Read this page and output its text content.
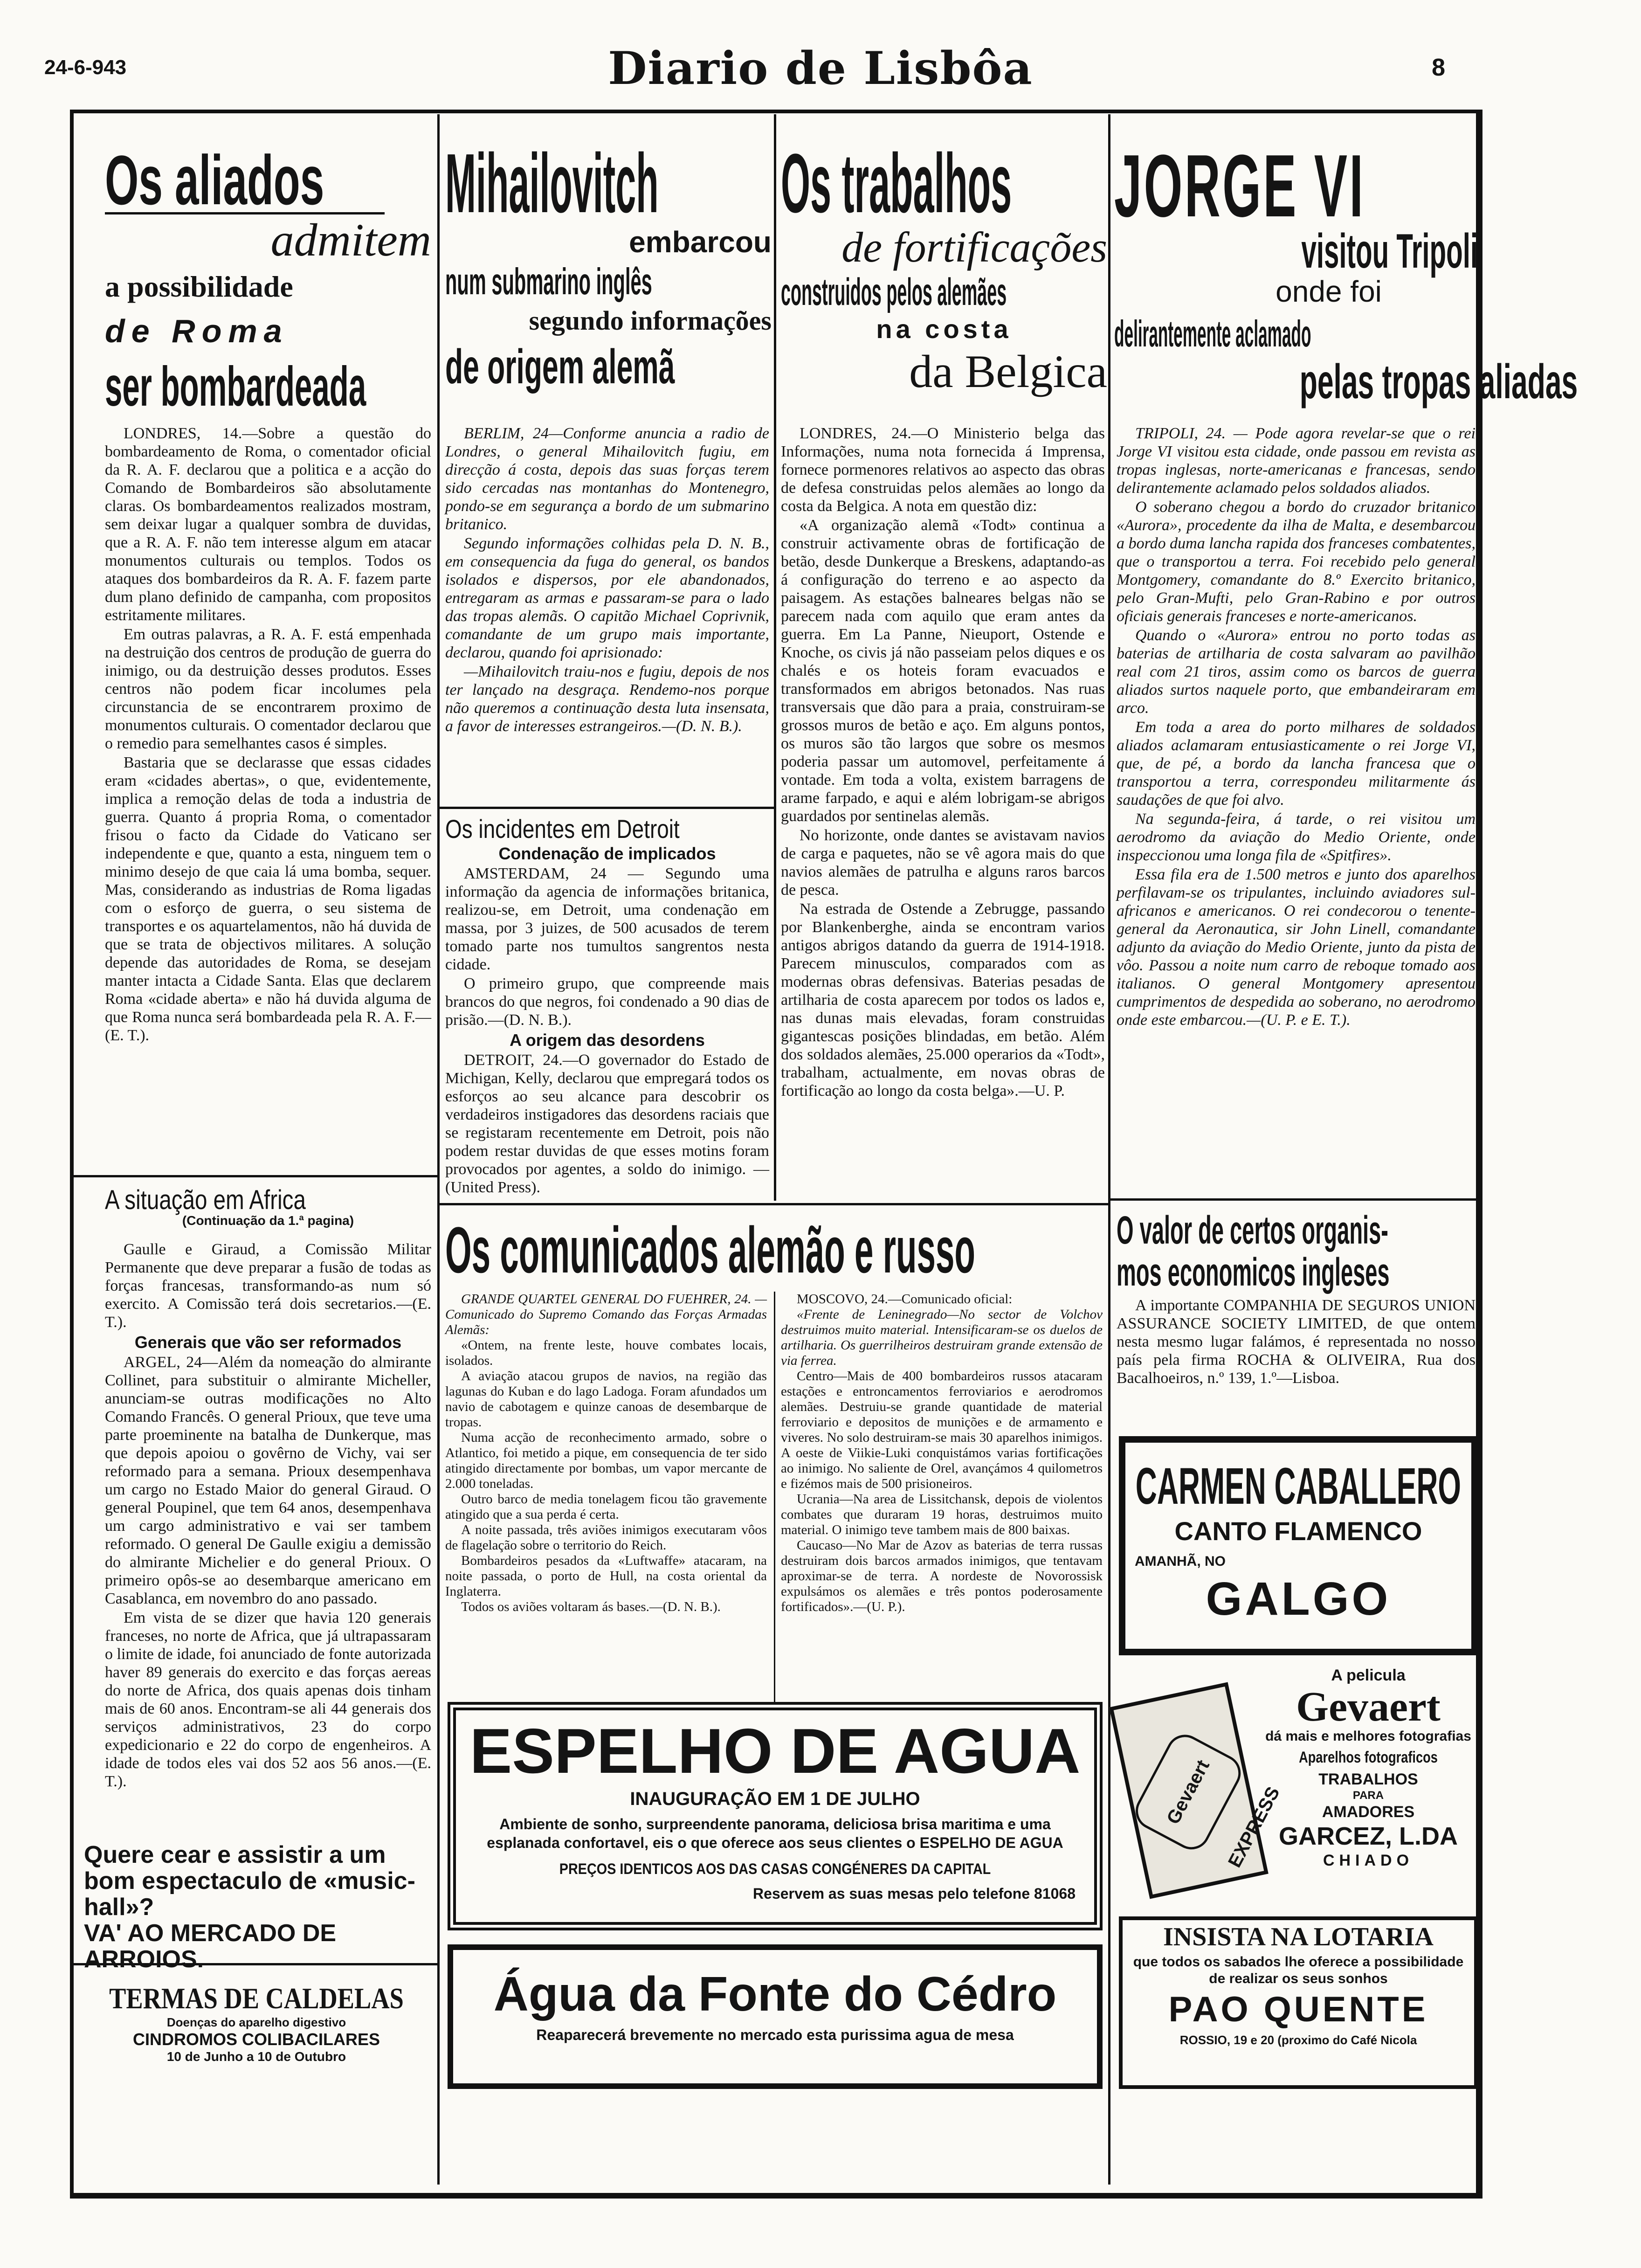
24-6-943	Diario de Lisbôa	8
Os aliados
admitem
a possibilidade
de Roma
ser bombardeada

LONDRES, 14.—Sobre a questão do bombardeamento de Roma, o comentador oficial da R. A. F. declarou que a politica e a acção do Comando de Bombardeiros são absolutamente claras. Os bombardeamentos realizados mostram, sem deixar lugar a qualquer sombra de duvidas, que a R. A. F. não tem interesse algum em atacar monumentos culturais ou templos. Todos os ataques dos bombardeiros da R. A. F. fazem parte dum plano definido de campanha, com propositos estritamente militares.

Em outras palavras, a R. A. F. está empenhada na destruição dos centros de produção de guerra do inimigo, ou da destruição desses produtos. Esses centros não podem ficar incolumes pela circunstancia de se encontrarem proximo de monumentos culturais. O comentador declarou que o remedio para semelhantes casos é simples.

Bastaria que se declarasse que essas cidades eram «cidades abertas», o que, evidentemente, implica a remoção delas de toda a industria de guerra. Quanto á propria Roma, o comentador frisou o facto da Cidade do Vaticano ser independente e que, quanto a esta, ninguem tem o minimo desejo de que caia lá uma bomba, sequer. Mas, considerando as industrias de Roma ligadas com o esforço de guerra, o seu sistema de transportes e os aquartelamentos, não há duvida de que se trata de objectivos militares. A solução depende das autoridades de Roma, se desejam manter intacta a Cidade Santa. Elas que declarem Roma «cidade aberta» e não há duvida alguma de que Roma nunca será bombardeada pela R. A. F.—(E. T.).

A situação em Africa
(Continuação da 1.ª pagina)

Gaulle e Giraud, a Comissão Militar Permanente que deve preparar a fusão de todas as forças francesas, transformando-as num só exercito. A Comissão terá dois secretarios.—(E. T.).

Generais que vão ser reformados

ARGEL, 24—Além da nomeação do almirante Collinet, para substituir o almirante Micheller, anunciam-se outras modificações no Alto Comando Francês. O general Prioux, que teve uma parte proeminente na batalha de Dunkerque, mas que depois apoiou o govêrno de Vichy, vai ser reformado para a semana. Prioux desempenhava um cargo no Estado Maior do general Giraud. O general Poupinel, que tem 64 anos, desempenhava um cargo administrativo e vai ser tambem reformado. O general De Gaulle exigiu a demissão do almirante Michelier e do general Prioux. O primeiro opôs-se ao desembarque americano em Casablanca, em novembro do ano passado.

Em vista de se dizer que havia 120 generais franceses, no norte de Africa, que já ultrapassaram o limite de idade, foi anunciado de fonte autorizada haver 89 generais do exercito e das forças aereas do norte de Africa, dos quais apenas dois tinham mais de 60 anos. Encontram-se ali 44 generais dos serviços administrativos, 23 do corpo expedicionario e 22 do corpo de engenheiros. A idade de todos eles vai dos 52 aos 56 anos.—(E. T.).

Quere cear e assistir a um bom espectaculo de «music-hall»?
VA' AO MERCADO DE ARROIOS.
TERMAS DE CALDELAS
Doenças do aparelho digestivo
CINDROMOS COLIBACILARES
10 de Junho a 10 de Outubro
Mihailovitch
embarcou
num submarino inglês
segundo informações
de origem alemã

BERLIM, 24—Conforme anuncia a radio de Londres, o general Mihailovitch fugiu, em direcção á costa, depois das suas forças terem sido cercadas nas montanhas do Montenegro, pondo-se em segurança a bordo de um submarino britanico.

Segundo informações colhidas pela D. N. B., em consequencia da fuga do general, os bandos isolados e dispersos, por ele abandonados, entregaram as armas e passaram-se para o lado das tropas alemãs. O capitão Michael Coprivnik, comandante de um grupo mais importante, declarou, quando foi aprisionado:

—Mihailovitch traiu-nos e fugiu, depois de nos ter lançado na desgraça. Rendemo-nos porque não queremos a continuação desta luta insensata, a favor de interesses estrangeiros.—(D. N. B.).

Os incidentes em Detroit
Condenação de implicados

AMSTERDAM, 24 — Segundo uma informação da agencia de informações britanica, realizou-se, em Detroit, uma condenação em massa, por 3 juizes, de 500 acusados de terem tomado parte nos tumultos sangrentos nesta cidade.

O primeiro grupo, que compreende mais brancos do que negros, foi condenado a 90 dias de prisão.—(D. N. B.).

A origem das desordens

DETROIT, 24.—O governador do Estado de Michigan, Kelly, declarou que empregará todos os esforços ao seu alcance para descobrir os verdadeiros instigadores das desordens raciais que se registaram recentemente em Detroit, pois não podem restar duvidas de que esses motins foram provocados por agentes, a soldo do inimigo. — (United Press).

Os trabalhos
de fortificações
construidos pelos alemães
na costa
da Belgica

LONDRES, 24.—O Ministerio belga das Informações, numa nota fornecida á Imprensa, fornece pormenores relativos ao aspecto das obras de defesa construidas pelos alemães ao longo da costa da Belgica. A nota em questão diz:

«A organização alemã «Todt» continua a construir activamente obras de fortificação de betão, desde Dunkerque a Breskens, adaptando-as á configuração do terreno e ao aspecto da paisagem. As estações balneares belgas não se parecem nada com aquilo que eram antes da guerra. Em La Panne, Nieuport, Ostende e Knoche, os civis já não passeiam pelos diques e os chalés e os hoteis foram evacuados e transformados em abrigos betonados. Nas ruas transversais que dão para a praia, construiram-se grossos muros de betão e aço. Em alguns pontos, os muros são tão largos que sobre os mesmos poderia passar um automovel, perfeitamente á vontade. Em toda a volta, existem barragens de arame farpado, e aqui e além lobrigam-se abrigos guardados por sentinelas alemãs.

No horizonte, onde dantes se avistavam navios de carga e paquetes, não se vê agora mais do que navios alemães de patrulha e alguns raros barcos de pesca.

Na estrada de Ostende a Zebrugge, passando por Blankenberghe, ainda se encontram varios antigos abrigos datando da guerra de 1914-1918. Parecem minusculos, comparados com as modernas obras defensivas. Baterias pesadas de artilharia de costa aparecem por todos os lados e, nas dunas mais elevadas, foram construidas gigantescas posições blindadas, em betão. Além dos soldados alemães, 25.000 operarios da «Todt», trabalham, actualmente, em novas obras de fortificação ao longo da costa belga».—U. P.

Os comunicados alemão e russo

GRANDE QUARTEL GENERAL DO FUEHRER, 24. — Comunicado do Supremo Comando das Forças Armadas Alemãs:

«Ontem, na frente leste, houve combates locais, isolados.

A aviação atacou grupos de navios, na região das lagunas do Kuban e do lago Ladoga. Foram afundados um navio de cabotagem e quinze canoas de desembarque de tropas.

Numa acção de reconhecimento armado, sobre o Atlantico, foi metido a pique, em consequencia de ter sido atingido directamente por bombas, um vapor mercante de 2.000 toneladas.

Outro barco de media tonelagem ficou tão gravemente atingido que a sua perda é certa.

A noite passada, três aviões inimigos executaram vôos de flagelação sobre o territorio do Reich.

Bombardeiros pesados da «Luftwaffe» atacaram, na noite passada, o porto de Hull, na costa oriental da Inglaterra.

Todos os aviões voltaram ás bases.—(D. N. B.).

MOSCOVO, 24.—Comunicado oficial:

«Frente de Leninegrado—No sector de Volchov destruimos muito material. Intensificaram-se os duelos de artilharia. Os guerrilheiros destruiram grande extensão de via ferrea.

Centro—Mais de 400 bombardeiros russos atacaram estações e entroncamentos ferroviarios e aerodromos alemães. Destruiu-se grande quantidade de material ferroviario e depositos de munições e de armamento e viveres. No solo destruiram-se mais 30 aparelhos inimigos. A oeste de Viikie-Luki conquistámos varias fortificações ao inimigo. No saliente de Orel, avançámos 4 quilometros e fizémos mais de 500 prisioneiros.

Ucrania—Na area de Lissitchansk, depois de violentos combates que duraram 19 horas, destruimos muito material. O inimigo teve tambem mais de 800 baixas.

Caucaso—No Mar de Azov as baterias de terra russas destruiram dois barcos armados inimigos, que tentavam aproximar-se de terra. A nordeste de Novorossisk expulsámos os alemães e três pontos poderosamente fortificados».—(U. P.).

ESPELHO DE AGUA
INAUGURAÇÃO EM 1 DE JULHO
Ambiente de sonho, surpreendente panorama, deliciosa brisa maritima e uma esplanada confortavel, eis o que oferece aos seus clientes o ESPELHO DE AGUA
PREÇOS IDENTICOS AOS DAS CASAS CONGÉNERES DA CAPITAL
Reservem as suas mesas pelo telefone 81068
Água da Fonte do Cédro
Reaparecerá brevemente no mercado esta purissima agua de mesa
JORGE VI
visitou Tripoli
onde foi
delirantemente aclamado
pelas tropas aliadas

TRIPOLI, 24. — Pode agora revelar-se que o rei Jorge VI visitou esta cidade, onde passou em revista as tropas inglesas, norte-americanas e francesas, sendo delirantemente aclamado pelos soldados aliados.

O soberano chegou a bordo do cruzador britanico «Aurora», procedente da ilha de Malta, e desembarcou a bordo duma lancha rapida dos franceses combatentes, que o transportou a terra. Foi recebido pelo general Montgomery, comandante do 8.º Exercito britanico, pelo Gran-Mufti, pelo Gran-Rabino e por outros oficiais generais franceses e norte-americanos.

Quando o «Aurora» entrou no porto todas as baterias de artilharia de costa salvaram ao pavilhão real com 21 tiros, assim como os barcos de guerra aliados surtos naquele porto, que embandeiraram em arco.

Em toda a area do porto milhares de soldados aliados aclamaram entusiasticamente o rei Jorge VI, que, de pé, a bordo da lancha francesa que o transportou a terra, correspondeu militarmente ás saudações de que foi alvo.

Na segunda-feira, á tarde, o rei visitou um aerodromo da aviação do Medio Oriente, onde inspeccionou uma longa fila de «Spitfires».

Essa fila era de 1.500 metros e junto dos aparelhos perfilavam-se os tripulantes, incluindo aviadores sul-africanos e americanos. O rei condecorou o tenente-general da Aeronautica, sir John Linell, comandante adjunto da aviação do Medio Oriente, junto da pista de vôo. Passou a noite num carro de reboque tomado aos italianos. O general Montgomery apresentou cumprimentos de despedida ao soberano, no aerodromo onde este embarcou.—(U. P. e E. T.).

O valor de certos organis-
mos economicos ingleses

A importante COMPANHIA DE SEGUROS UNION ASSURANCE SOCIETY LIMITED, de que ontem nesta mesmo lugar falámos, é representada no nosso país pela firma ROCHA & OLIVEIRA, Rua dos Bacalhoeiros, n.º 139, 1.º—Lisboa.

CARMEN CABALLERO
CANTO FLAMENCO
AMANHÃ, NO
GALGO
Gevaert EXPRESS
A pelicula
Gevaert
dá mais e melhores fotografias
Aparelhos fotograficos
TRABALHOS
PARA
AMADORES
GARCEZ, L.DA
CHIADO
INSISTA NA LOTARIA
que todos os sabados lhe oferece a possibilidade de realizar os seus sonhos
PAO QUENTE
ROSSIO, 19 e 20 (proximo do Café Nicola
